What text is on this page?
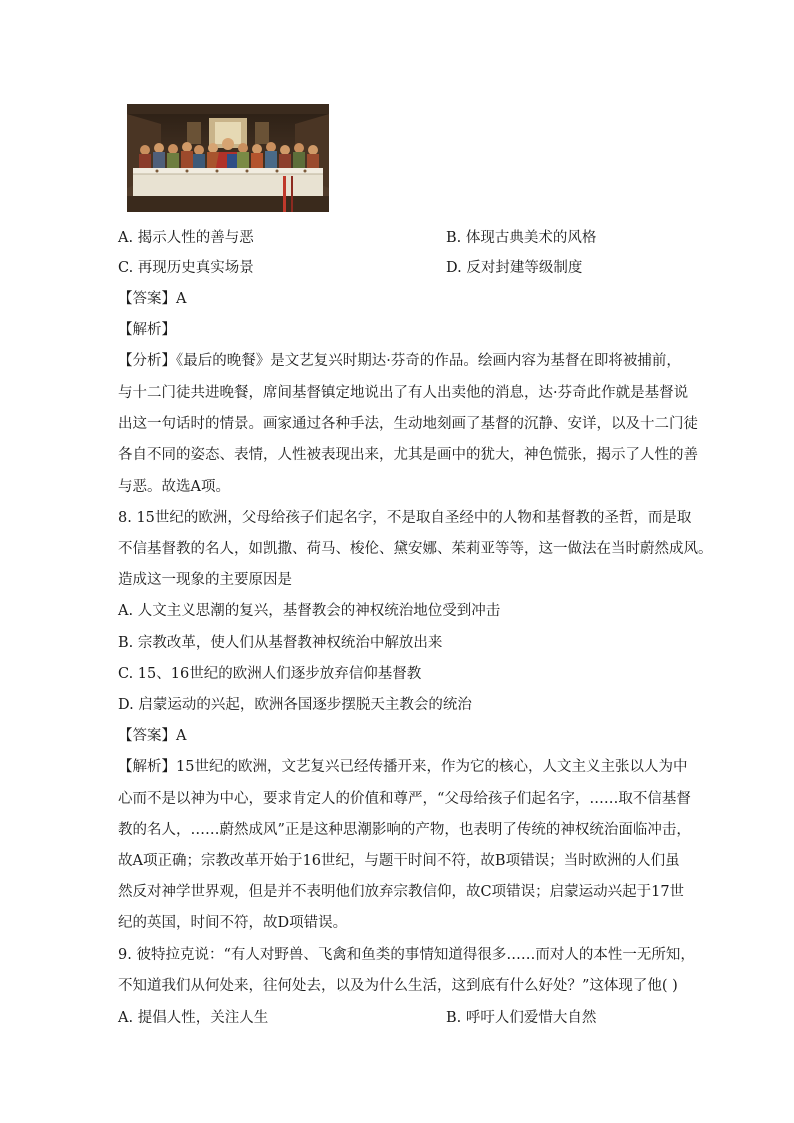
A. 揭示人性的善与恶	B. 体现古典美术的风格
C. 再现历史真实场景	D. 反对封建等级制度
【答案】A
【解析】
【分析】《最后的晚餐》是文艺复兴时期达·芬奇的作品。绘画内容为基督在即将被捕前，
与十二门徒共进晚餐，席间基督镇定地说出了有人出卖他的消息，达·芬奇此作就是基督说
出这一句话时的情景。画家通过各种手法，生动地刻画了基督的沉静、安详，以及十二门徒
各自不同的姿态、表情，人性被表现出来，尤其是画中的犹大，神色慌张，揭示了人性的善
与恶。故选A项。
8. 15世纪的欧洲，父母给孩子们起名字，不是取自圣经中的人物和基督教的圣哲，而是取
不信基督教的名人，如凯撒、荷马、梭伦、黛安娜、茱莉亚等等，这一做法在当时蔚然成风。
造成这一现象的主要原因是
A. 人文主义思潮的复兴，基督教会的神权统治地位受到冲击
B. 宗教改革，使人们从基督教神权统治中解放出来
C. 15、16世纪的欧洲人们逐步放弃信仰基督教
D. 启蒙运动的兴起，欧洲各国逐步摆脱天主教会的统治
【答案】A
【解析】15世纪的欧洲，文艺复兴已经传播开来，作为它的核心，人文主义主张以人为中
心而不是以神为中心，要求肯定人的价值和尊严，“父母给孩子们起名字，……取不信基督
教的名人，……蔚然成风”正是这种思潮影响的产物，也表明了传统的神权统治面临冲击，
故A项正确；宗教改革开始于16世纪，与题干时间不符，故B项错误；当时欧洲的人们虽
然反对神学世界观，但是并不表明他们放弃宗教信仰，故C项错误；启蒙运动兴起于17世
纪的英国，时间不符，故D项错误。
9. 彼特拉克说：“有人对野兽、飞禽和鱼类的事情知道得很多……而对人的本性一无所知，
不知道我们从何处来，往何处去，以及为什么生活，这到底有什么好处？”这体现了他( )
A. 提倡人性，关注人生	B. 呼吁人们爱惜大自然
